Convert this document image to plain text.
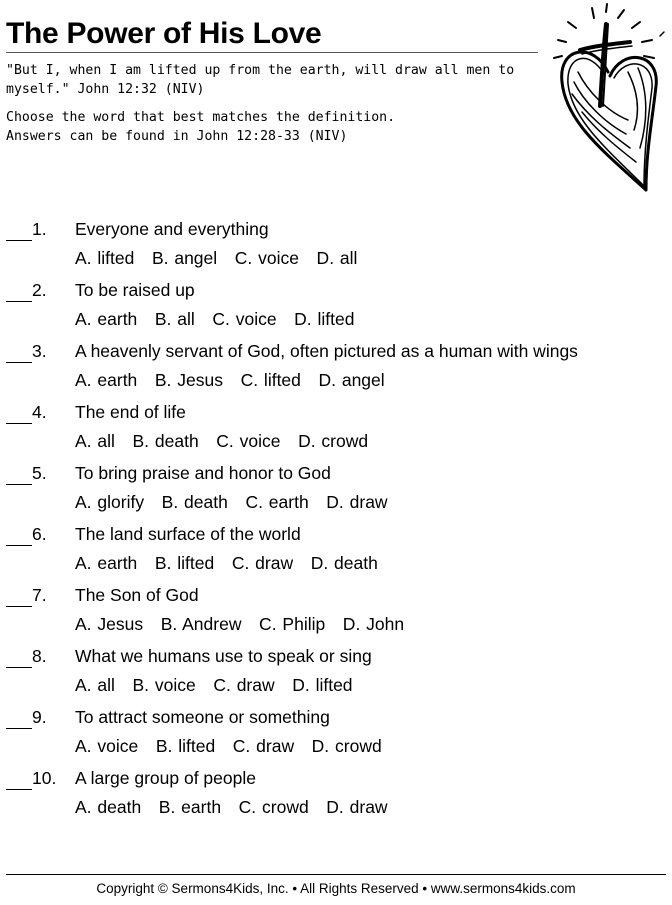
The Power of His Love
"But I, when I am lifted up from the earth, will draw all men to myself." John 12:32 (NIV)
Choose the word that best matches the definition.
Answers can be found in John 12:28-33 (NIV)
1.	Everyone and everything
A. lifted   B. angel   C. voice   D. all
2.	To be raised up
A. earth   B. all   C. voice   D. lifted
3.	A heavenly servant of God, often pictured as a human with wings
A. earth   B. Jesus   C. lifted   D. angel
4.	The end of life
A. all   B. death   C. voice   D. crowd
5.	To bring praise and honor to God
A. glorify   B. death   C. earth   D. draw
6.	The land surface of the world
A. earth   B. lifted   C. draw   D. death
7.	The Son of God
A. Jesus   B. Andrew   C. Philip   D. John
8.	What we humans use to speak or sing
A. all   B. voice   C. draw   D. lifted
9.	To attract someone or something
A. voice   B. lifted   C. draw   D. crowd
10.	A large group of people
A. death   B. earth   C. crowd   D. draw
Copyright © Sermons4Kids, Inc. • All Rights Reserved • www.sermons4kids.com
